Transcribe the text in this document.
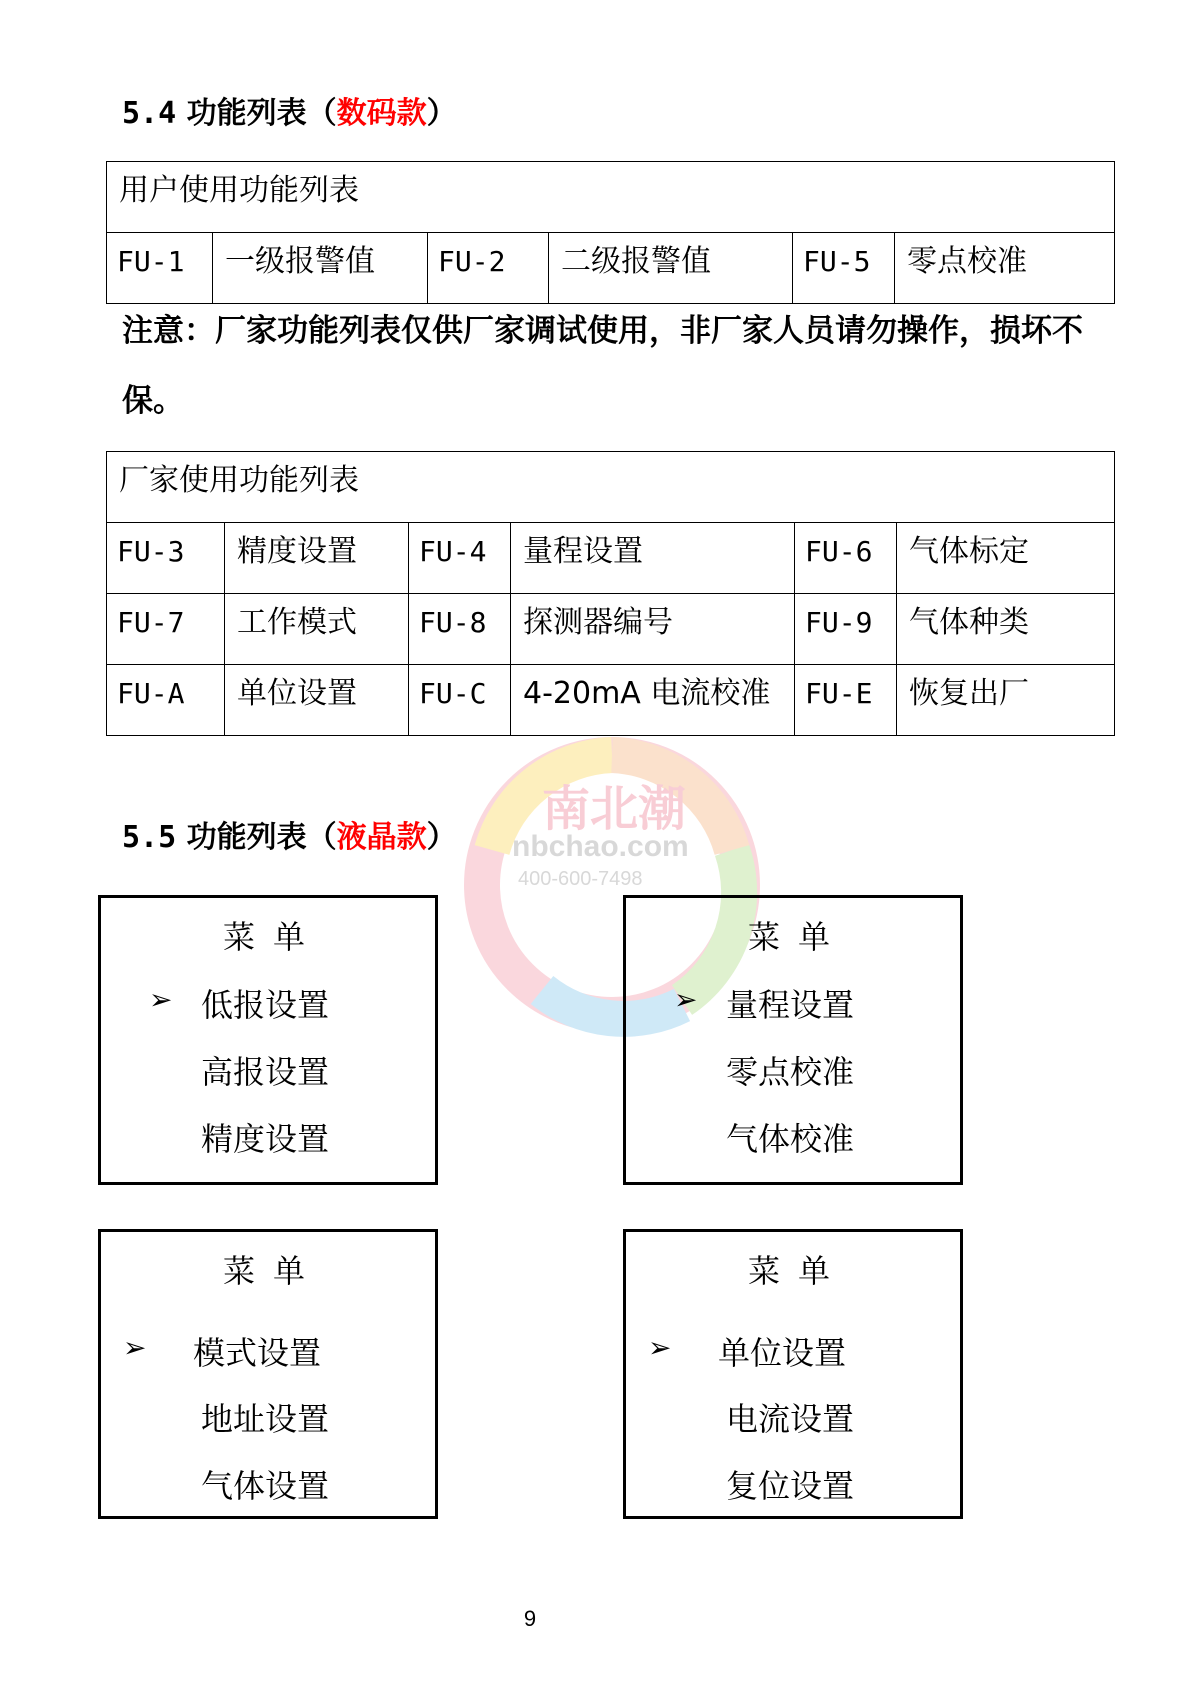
5.4 功能列表（数码款）
用户使用功能列表
FU-1	一级报警值	FU-2	二级报警值	FU-5	零点校准
注意：厂家功能列表仅供厂家调试使用，非厂家人员请勿操作，损坏不保。
厂家使用功能列表					
FU-3	精度设置	FU-4	量程设置	FU-6	气体标定
FU-7	工作模式	FU-8	探测器编号	FU-9	气体种类
FU-A	单位设置	FU-C	4-20mA 电流校准	FU-E	恢复出厂
南北潮
nbchao.com
400-600-7498
5.5 功能列表（液晶款）
菜单
➢ 低报设置
高报设置
精度设置
菜单
➢ 量程设置
零点校准
气体校准
菜单
➢ 模式设置
地址设置
气体设置
菜单
➢ 单位设置
电流设置
复位设置
9
